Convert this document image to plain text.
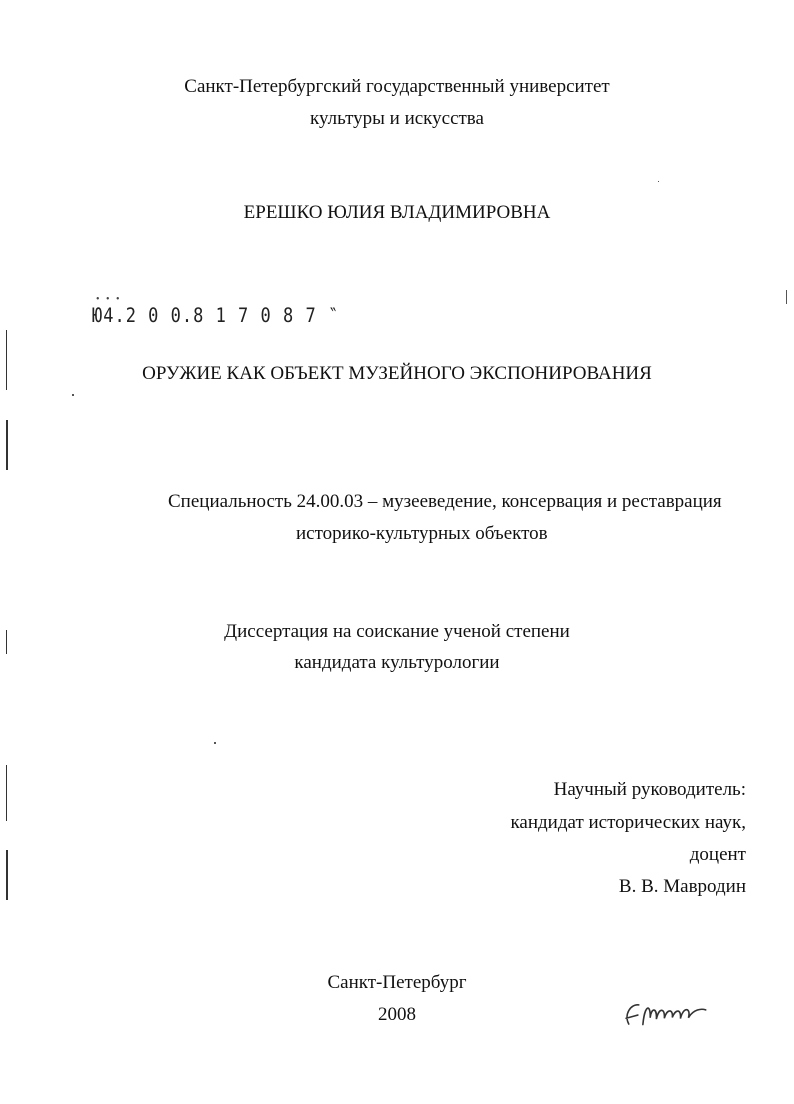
Санкт-Петербургский государственный университет
культуры и искусства
ЕРЕШКО ЮЛИЯ ВЛАДИМИРОВНА
• • •
Ю4.2 0 0.8 1 7 0 8 7 ‶
ОРУЖИЕ КАК ОБЪЕКТ МУЗЕЙНОГО ЭКСПОНИРОВАНИЯ
Специальность 24.00.03 – музееведение, консервация и реставрация
историко-культурных объектов
Диссертация на соискание ученой степени
кандидата культурологии
Научный руководитель:
кандидат исторических наук,
доцент
В. В. Мавродин
Санкт-Петербург
2008
